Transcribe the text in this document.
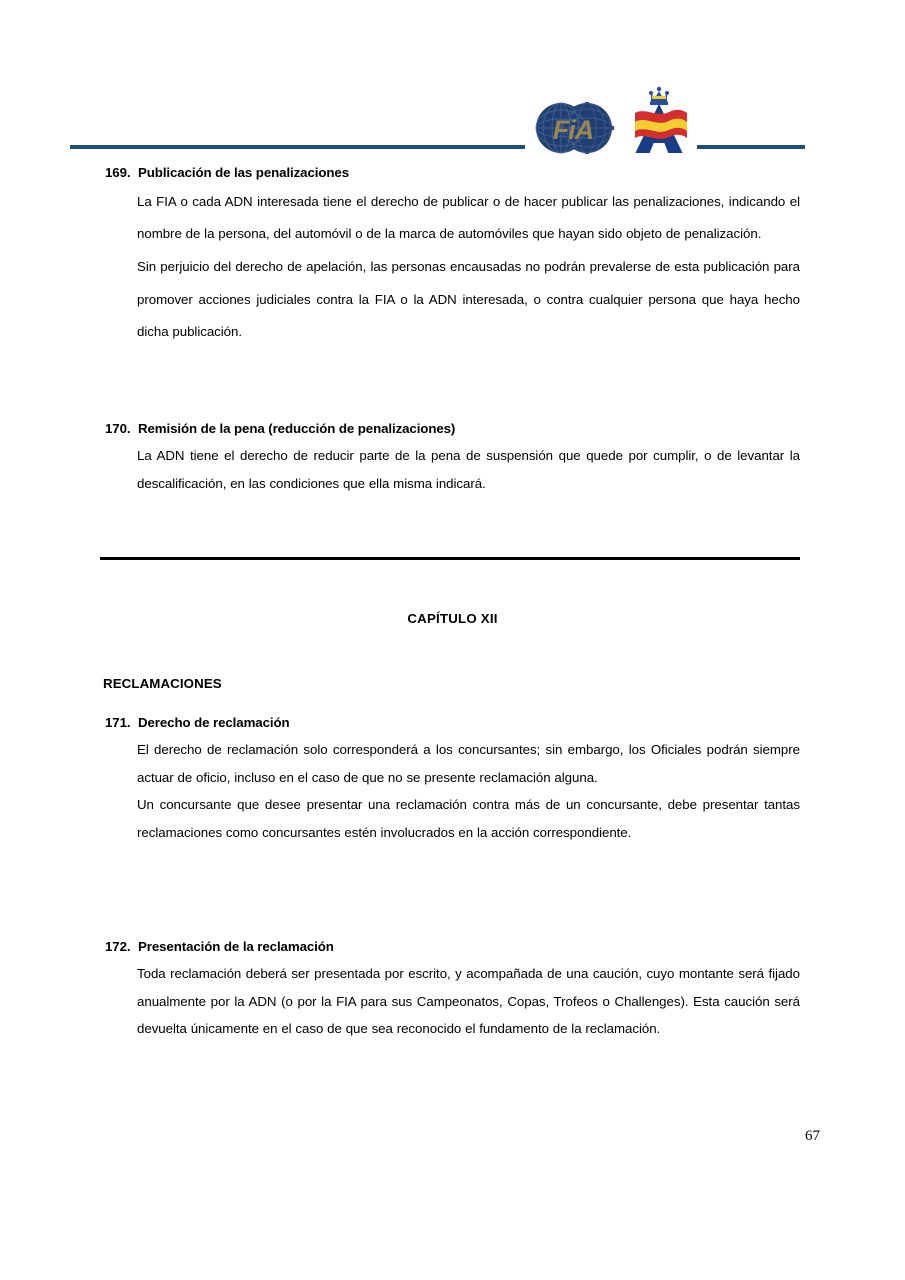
FiA
169. Publicación de las penalizaciones

La FIA o cada ADN interesada tiene el derecho de publicar o de hacer publicar las penalizaciones, indicando el nombre de la persona, del automóvil o de la marca de automóviles que hayan sido objeto de penalización.

Sin perjuicio del derecho de apelación, las personas encausadas no podrán prevalerse de esta publicación para promover acciones judiciales contra la FIA o la ADN interesada, o contra cualquier persona que haya hecho dicha publicación.

170. Remisión de la pena (reducción de penalizaciones)

La ADN tiene el derecho de reducir parte de la pena de suspensión que quede por cumplir, o de levantar la descalificación, en las condiciones que ella misma indicará.

CAPÍTULO XII
RECLAMACIONES
171. Derecho de reclamación

El derecho de reclamación solo corresponderá a los concursantes; sin embargo, los Oficiales podrán siempre actuar de oficio, incluso en el caso de que no se presente reclamación alguna.

Un concursante que desee presentar una reclamación contra más de un concursante, debe presentar tantas reclamaciones como concursantes estén involucrados en la acción correspondiente.

172. Presentación de la reclamación

Toda reclamación deberá ser presentada por escrito, y acompañada de una caución, cuyo montante será fijado anualmente por la ADN (o por la FIA para sus Campeonatos, Copas, Trofeos o Challenges). Esta caución será devuelta únicamente en el caso de que sea reconocido el fundamento de la reclamación.

67
